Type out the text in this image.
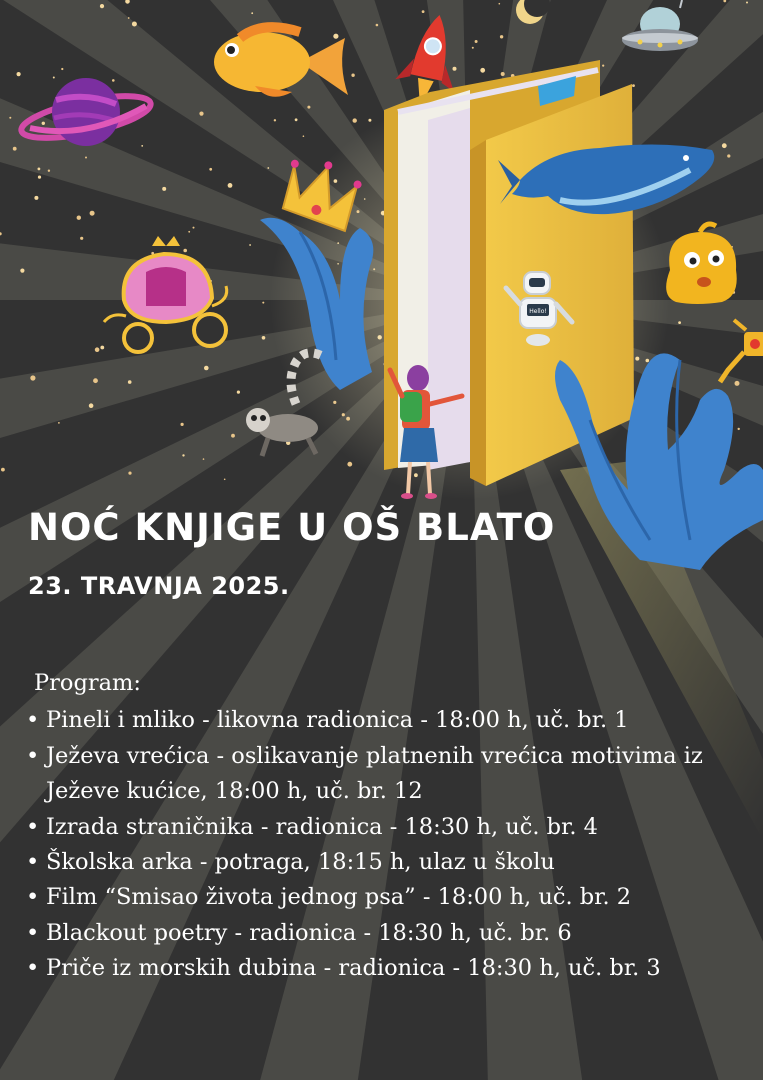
Hello!
NOĆ KNJIGE U OŠ BLATO
23. TRAVNJA 2025.

Program:

• Pineli i mliko - likovna radionica - 18:00 h, uč. br. 1
• Ježeva vrećica - oslikavanje platnenih vrećica motivima iz Ježeve kućice, 18:00 h, uč. br. 12
• Izrada straničnika - radionica - 18:30 h, uč. br. 4
• Školska arka - potraga, 18:15 h, ulaz u školu
• Film “Smisao života jednog psa” - 18:00 h, uč. br. 2
• Blackout poetry - radionica - 18:30 h, uč. br. 6
• Priče iz morskih dubina - radionica - 18:30 h, uč. br. 3
